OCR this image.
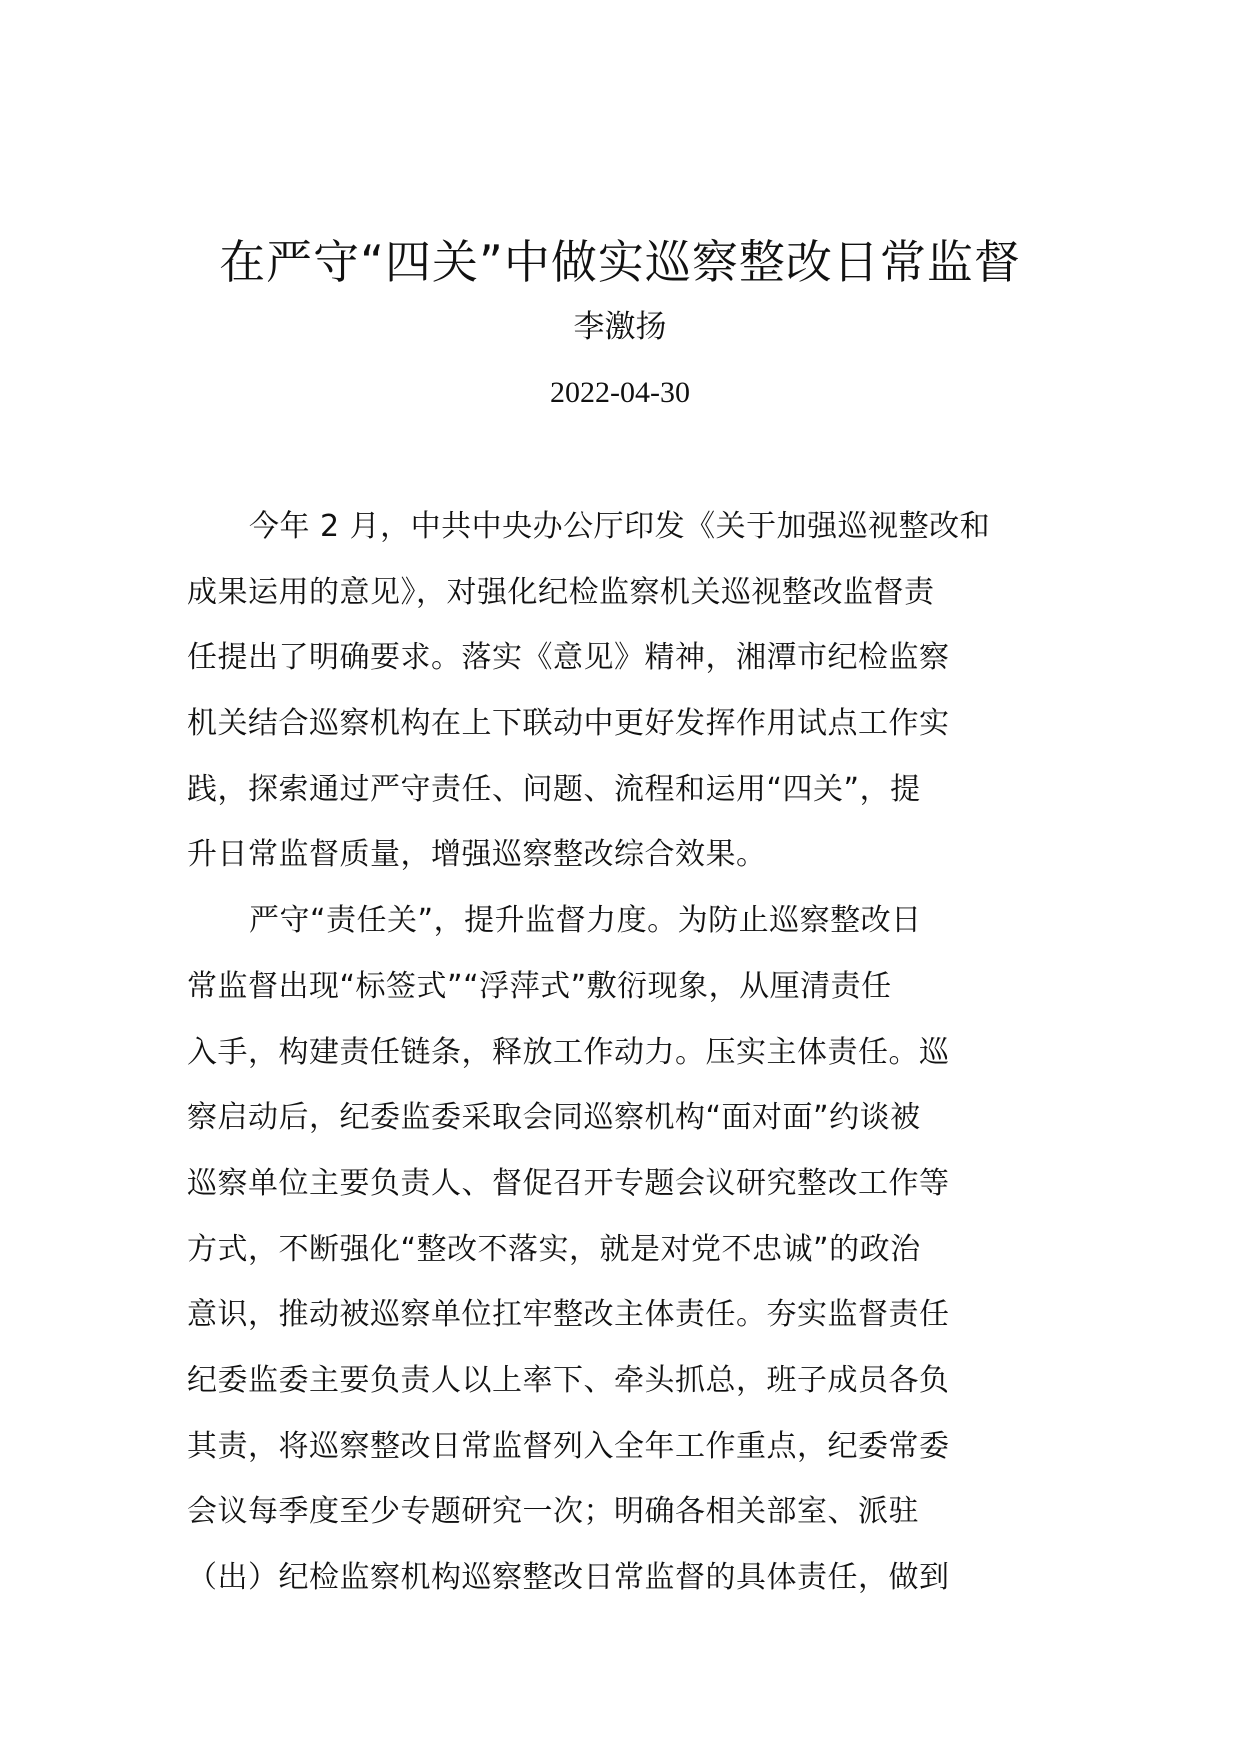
在严守“四关”中做实巡察整改日常监督
李激扬
2022-04-30
今年 2 月，中共中央办公厅印发《关于加强巡视整改和
成果运用的意见》，对强化纪检监察机关巡视整改监督责
任提出了明确要求。落实《意见》精神，湘潭市纪检监察
机关结合巡察机构在上下联动中更好发挥作用试点工作实
践，探索通过严守责任、问题、流程和运用“四关”，提
升日常监督质量，增强巡察整改综合效果。
严守“责任关”，提升监督力度。为防止巡察整改日
常监督出现“标签式”“浮萍式”敷衍现象，从厘清责任
入手，构建责任链条，释放工作动力。压实主体责任。巡
察启动后，纪委监委采取会同巡察机构“面对面”约谈被
巡察单位主要负责人、督促召开专题会议研究整改工作等
方式，不断强化“整改不落实，就是对党不忠诚”的政治
意识，推动被巡察单位扛牢整改主体责任。夯实监督责任
纪委监委主要负责人以上率下、牵头抓总，班子成员各负
其责，将巡察整改日常监督列入全年工作重点，纪委常委
会议每季度至少专题研究一次；明确各相关部室、派驻
（出）纪检监察机构巡察整改日常监督的具体责任，做到
